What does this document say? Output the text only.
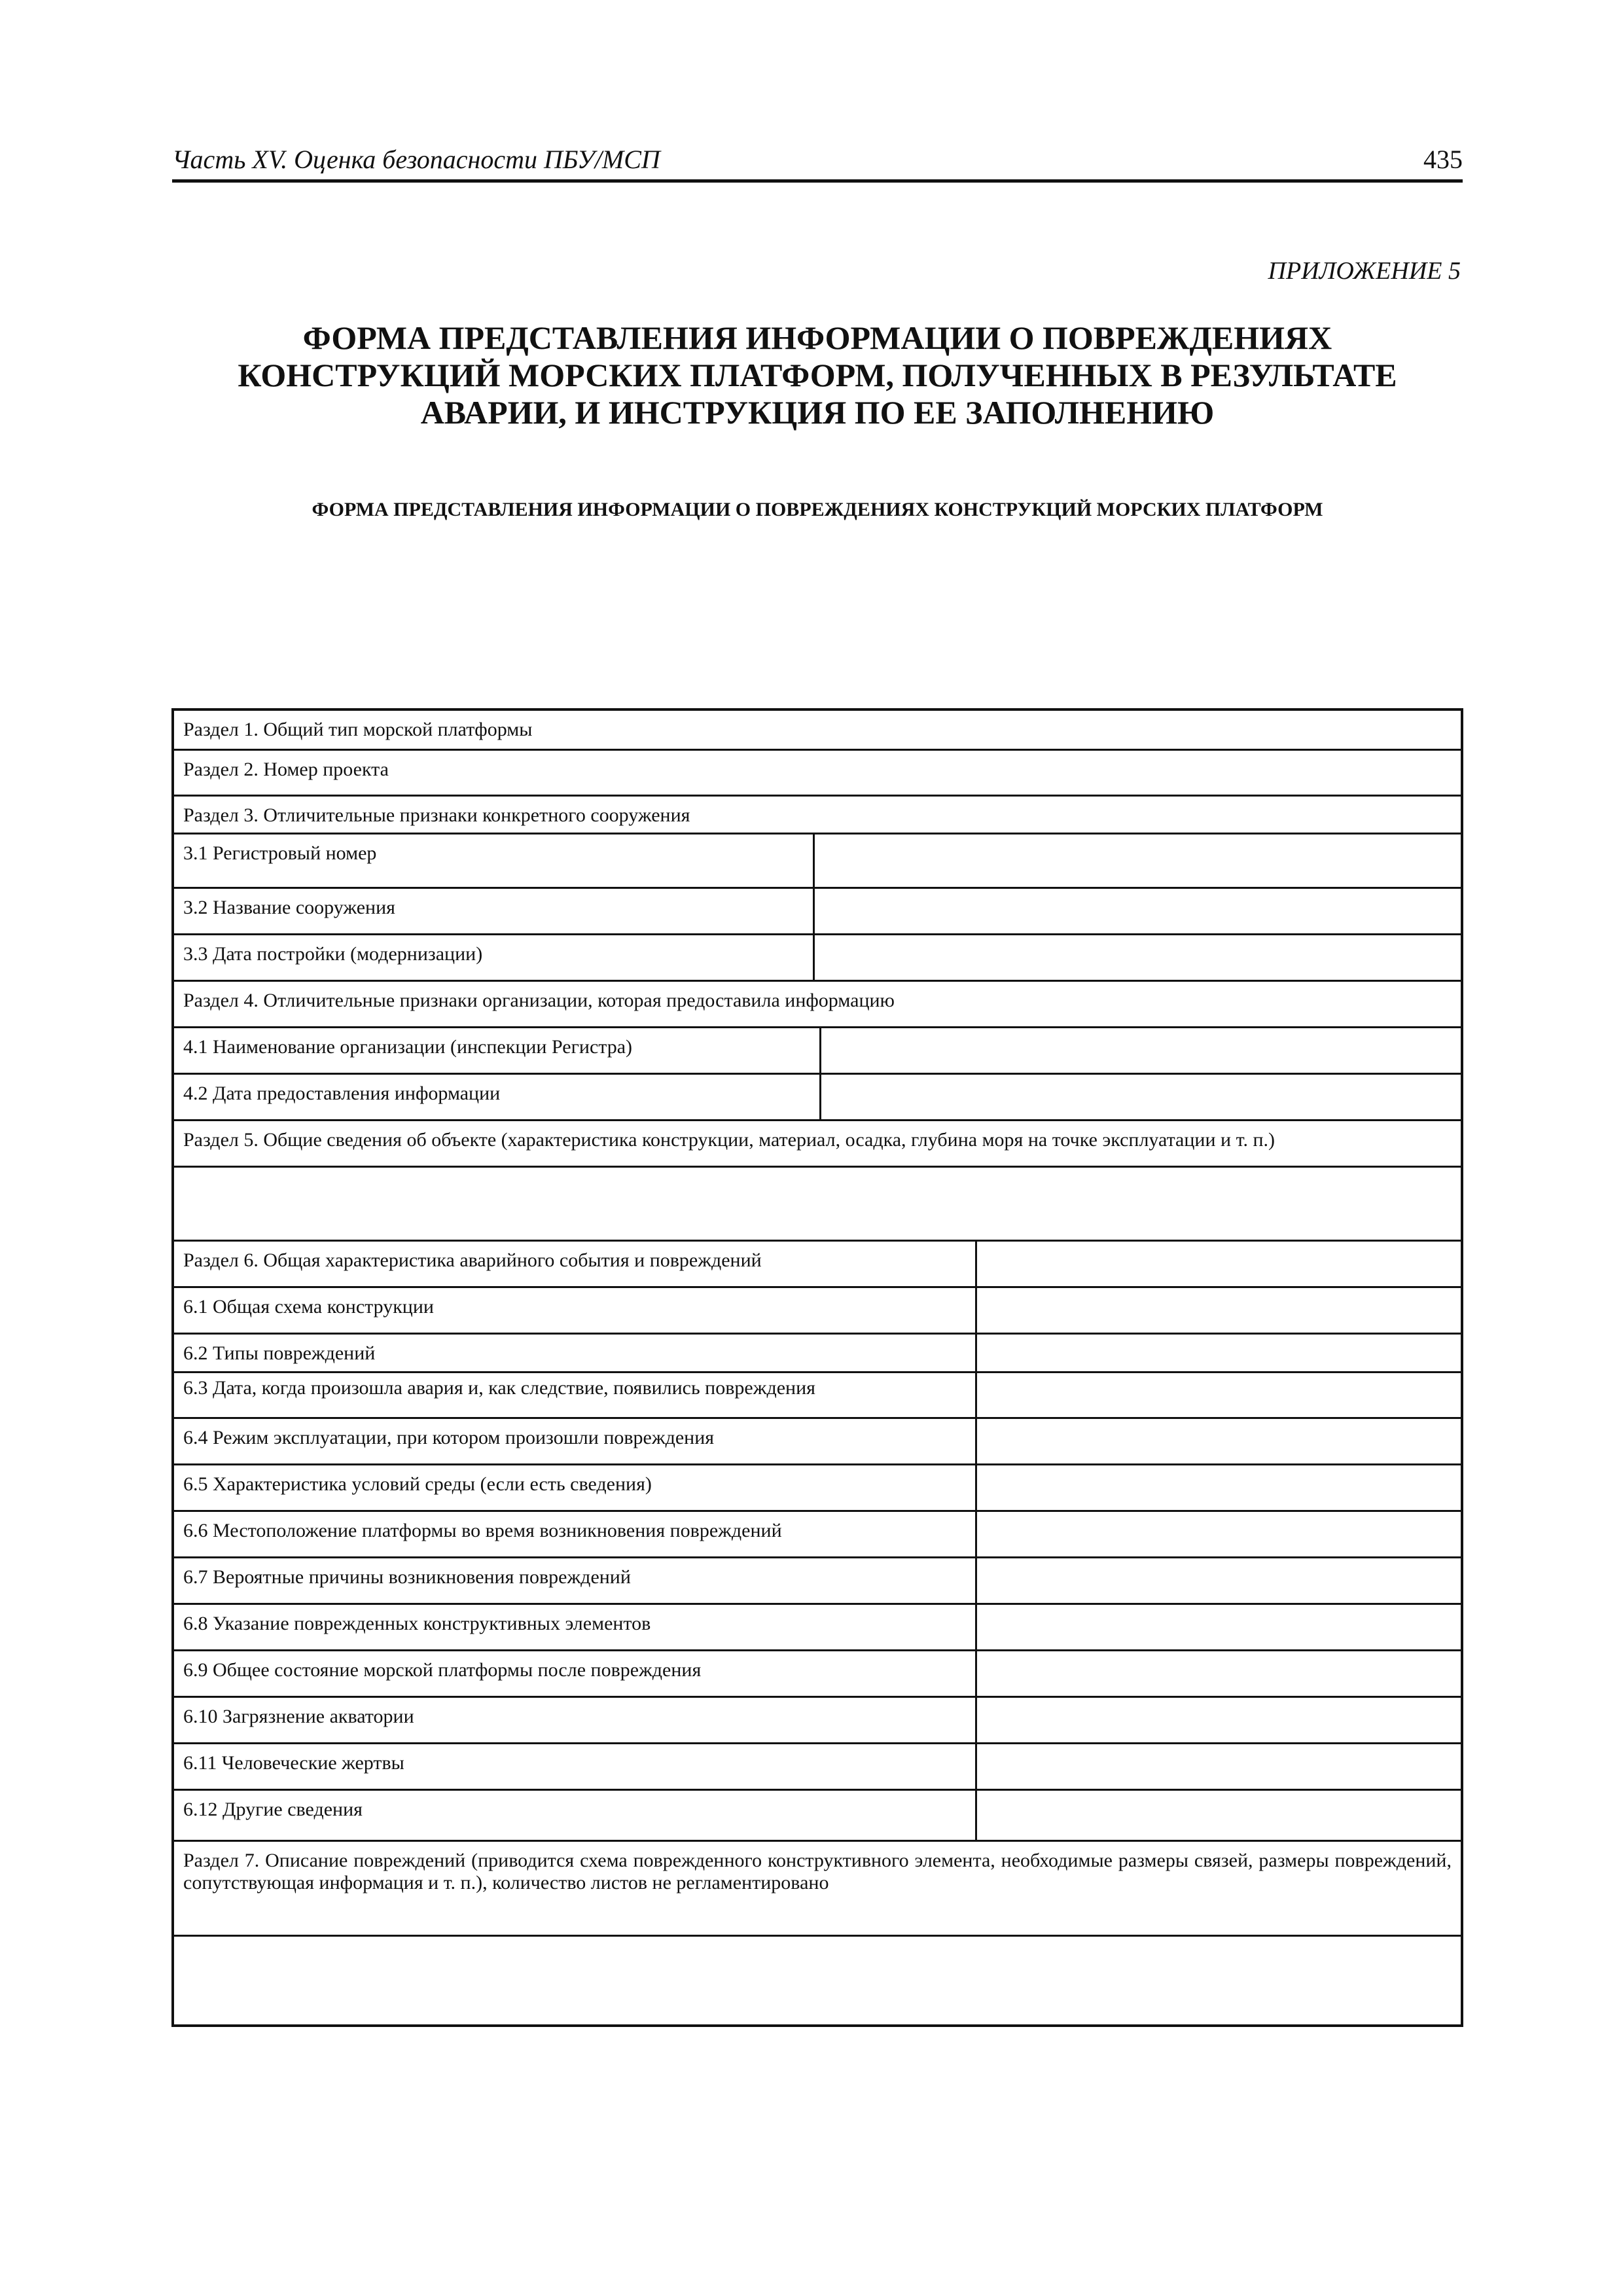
Часть XV. Оценка безопасности ПБУ/МСП	435
ПРИЛОЖЕНИЕ 5
ФОРМА ПРЕДСТАВЛЕНИЯ ИНФОРМАЦИИ О ПОВРЕЖДЕНИЯХ
КОНСТРУКЦИЙ МОРСКИХ ПЛАТФОРМ, ПОЛУЧЕННЫХ В РЕЗУЛЬТАТЕ
АВАРИИ, И ИНСТРУКЦИЯ ПО ЕЕ ЗАПОЛНЕНИЮ
ФОРМА ПРЕДСТАВЛЕНИЯ ИНФОРМАЦИИ О ПОВРЕЖДЕНИЯХ КОНСТРУКЦИЙ МОРСКИХ ПЛАТФОРМ
Раздел 1. Общий тип морской платформы
Раздел 2. Номер проекта
Раздел 3. Отличительные признаки конкретного сооружения
3.1 Регистровый номер
3.2 Название сооружения
3.3 Дата постройки (модернизации)
Раздел 4. Отличительные признаки организации, которая предоставила информацию
4.1 Наименование организации (инспекции Регистра)
4.2 Дата предоставления информации
Раздел 5. Общие сведения об объекте (характеристика конструкции, материал, осадка, глубина моря на точке эксплуатации и т. п.)
Раздел 6. Общая характеристика аварийного события и повреждений
6.1 Общая схема конструкции
6.2 Типы повреждений
6.3 Дата, когда произошла авария и, как следствие, появились повреждения
6.4 Режим эксплуатации, при котором произошли повреждения
6.5 Характеристика условий среды (если есть сведения)
6.6 Местоположение платформы во время возникновения повреждений
6.7 Вероятные причины возникновения повреждений
6.8 Указание поврежденных конструктивных элементов
6.9 Общее состояние морской платформы после повреждения
6.10 Загрязнение акватории
6.11 Человеческие жертвы
6.12 Другие сведения
Раздел 7. Описание повреждений (приводится схема поврежденного конструктивного элемента, необходимые размеры связей, размеры повреждений, сопутствующая информация и т. п.), количество листов не регламентировано
